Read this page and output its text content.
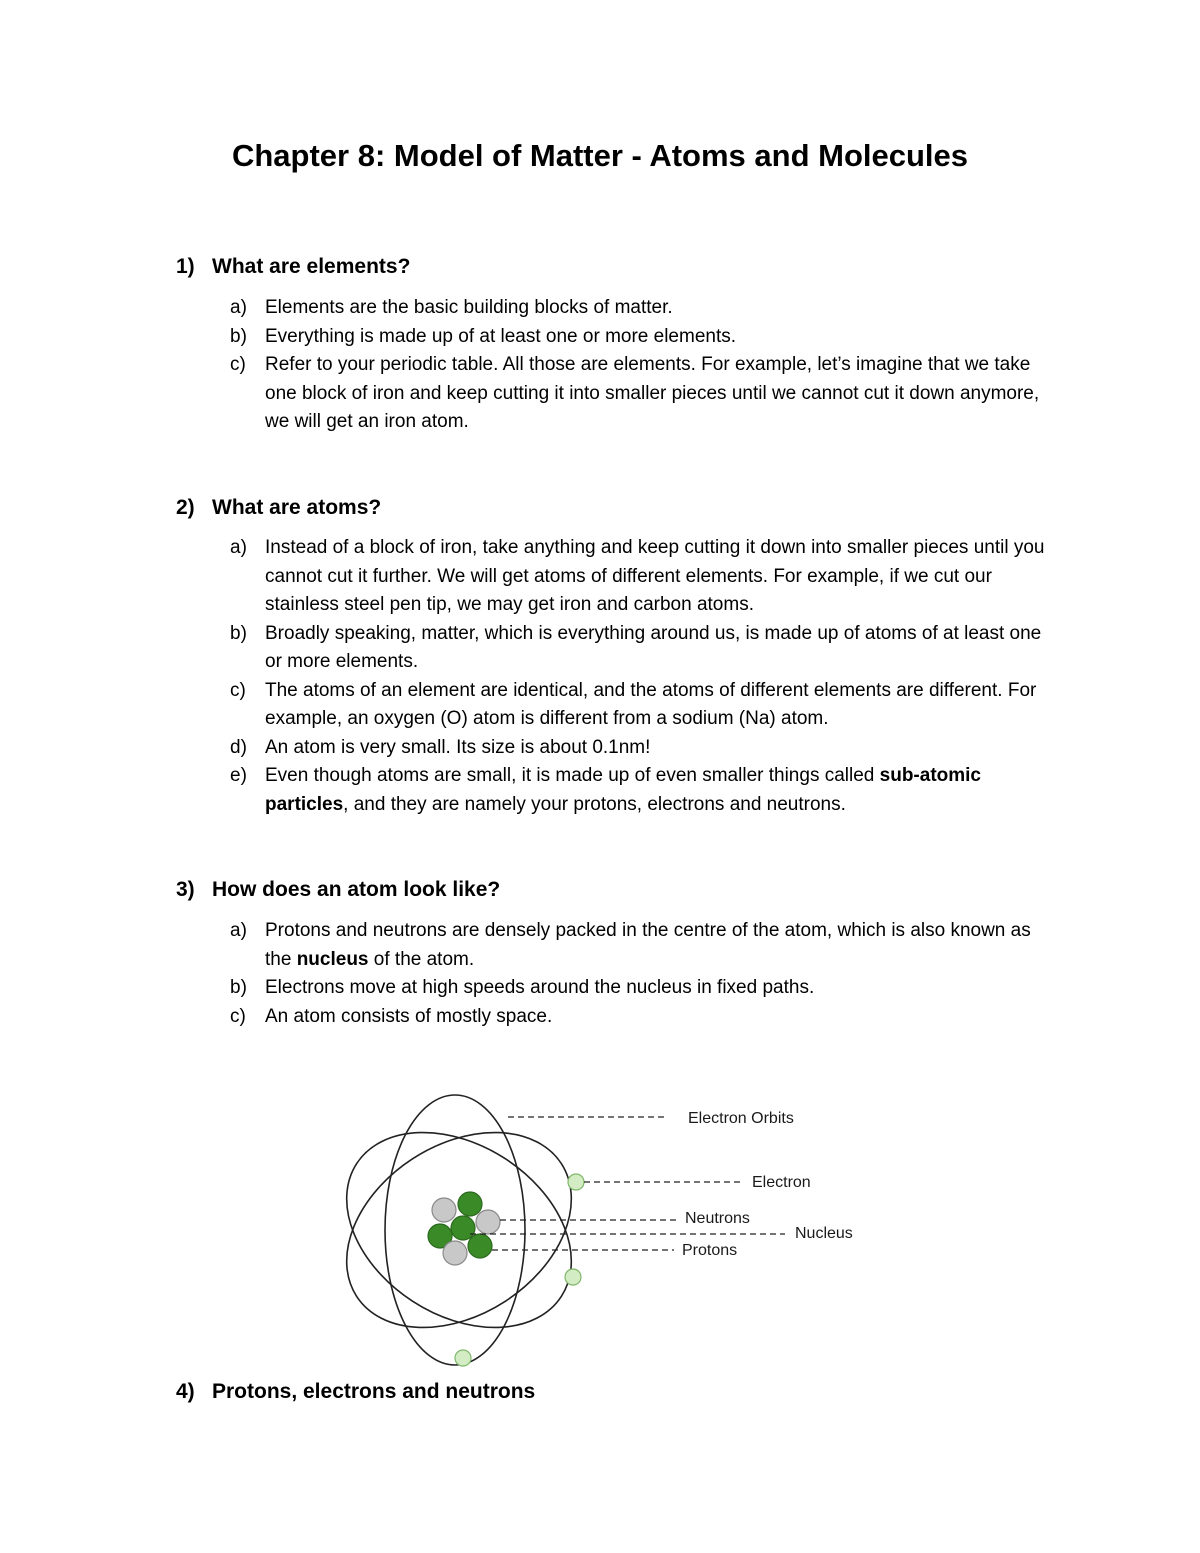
Chapter 8: Model of Matter - Atoms and Molecules
1) What are elements?
a) Elements are the basic building blocks of matter.
b) Everything is made up of at least one or more elements.
c)	Refer to your periodic table. All those are elements. For example, let’s imagine that we take one block of iron and keep cutting it into smaller pieces until we cannot cut it down anymore, we will get an iron atom.
2) What are atoms?
a) Instead of a block of iron, take anything and keep cutting it down into smaller pieces until you cannot cut it further. We will get atoms of different elements. For example, if we cut our stainless steel pen tip, we may get iron and carbon atoms.
b) Broadly speaking, matter, which is everything around us, is made up of atoms of at least one or more elements.
c)	The atoms of an element are identical, and the atoms of different elements are different. For example, an oxygen (O) atom is different from a sodium (Na) atom.
d) An atom is very small. Its size is about 0.1nm!
e) Even though atoms are small, it is made up of even smaller things called sub-atomic particles, and they are namely your protons, electrons and neutrons.
3) How does an atom look like?
a) Protons and neutrons are densely packed in the centre of the atom, which is also known as the nucleus of the atom.
b) Electrons move at high speeds around the nucleus in fixed paths.
c)	An atom consists of mostly space.
Electron Orbits
Electron
Neutrons
Nucleus
Protons
4) Protons, electrons and neutrons
